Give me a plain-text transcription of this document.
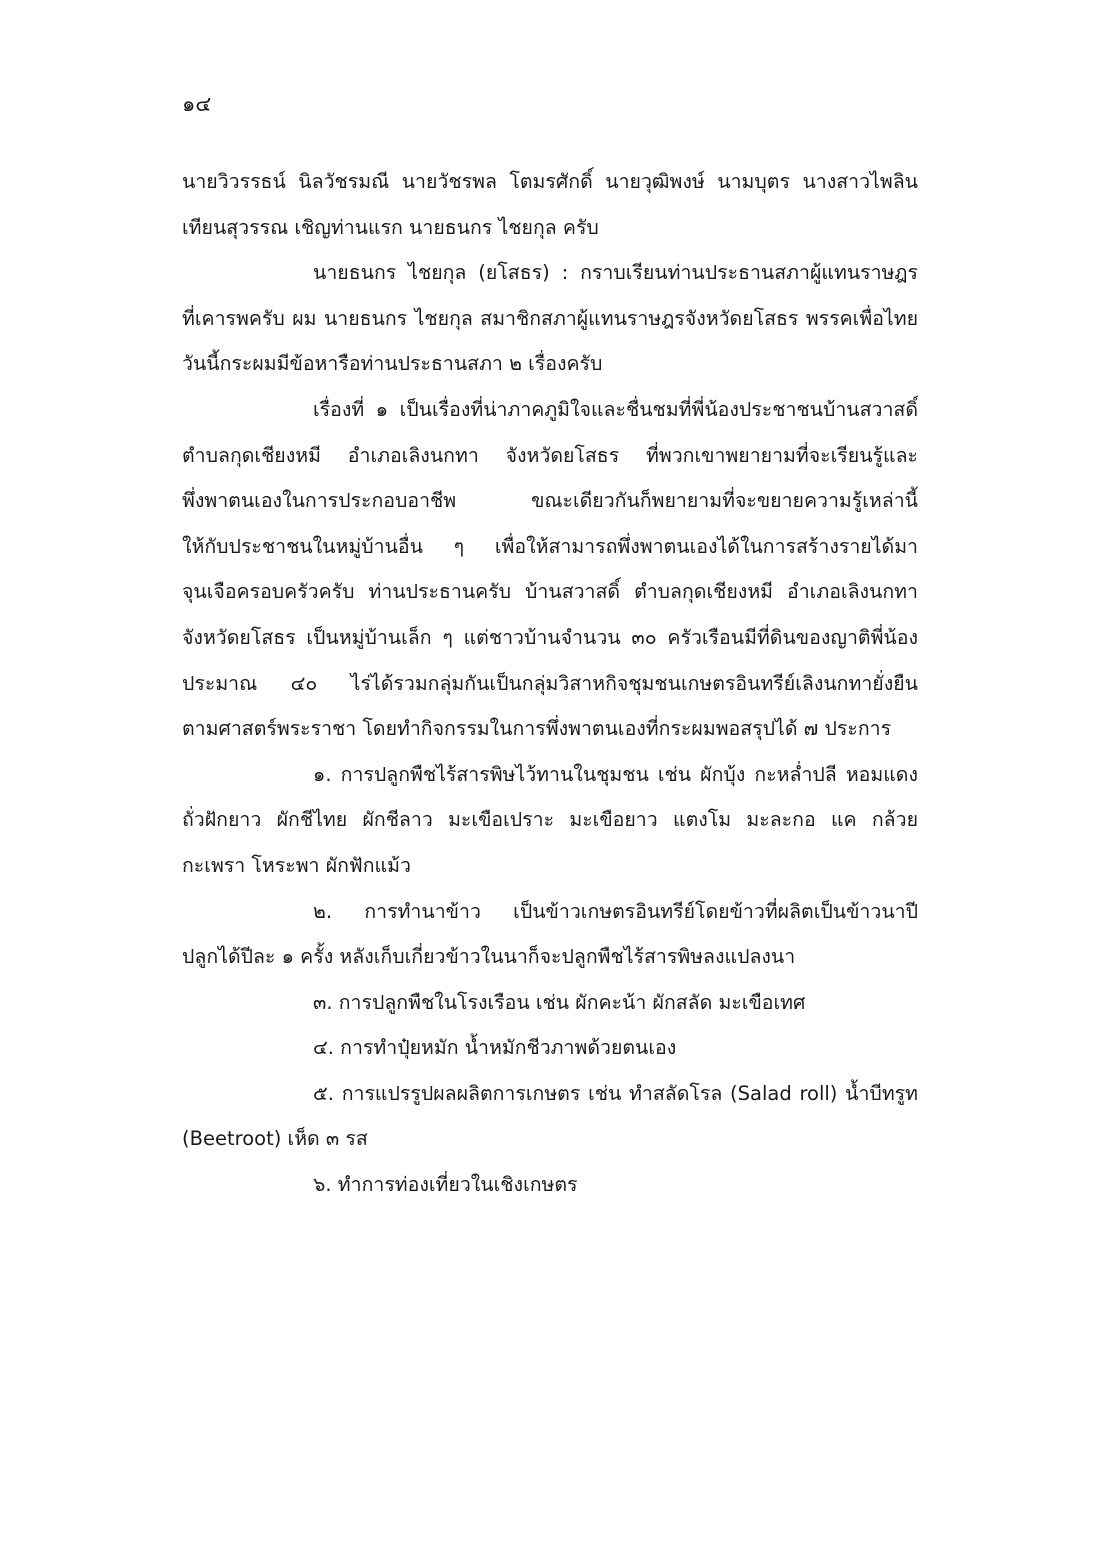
๑๔
นายวิวรรธน์ นิลวัชรมณี นายวัชรพล โตมรศักดิ์ นายวุฒิพงษ์ นามบุตร นางสาวไพลิน
เทียนสุวรรณ เชิญท่านแรก นายธนกร ไชยกุล ครับ
นายธนกร ไชยกุล (ยโสธร) : กราบเรียนท่านประธานสภาผู้แทนราษฎร
ที่เคารพครับ ผม นายธนกร ไชยกุล สมาชิกสภาผู้แทนราษฎรจังหวัดยโสธร พรรคเพื่อไทย
วันนี้กระผมมีข้อหารือท่านประธานสภา ๒ เรื่องครับ
เรื่องที่ ๑ เป็นเรื่องที่น่าภาคภูมิใจและชื่นชมที่พี่น้องประชาชนบ้านสวาสดิ์
ตำบลกุดเชียงหมี อำเภอเลิงนกทา จังหวัดยโสธร ที่พวกเขาพยายามที่จะเรียนรู้และ
พึ่งพาตนเองในการประกอบอาชีพ ขณะเดียวกันก็พยายามที่จะขยายความรู้เหล่านี้
ให้กับประชาชนในหมู่บ้านอื่น ๆ เพื่อให้สามารถพึ่งพาตนเองได้ในการสร้างรายได้มา
จุนเจือครอบครัวครับ ท่านประธานครับ บ้านสวาสดิ์ ตำบลกุดเชียงหมี อำเภอเลิงนกทา
จังหวัดยโสธร เป็นหมู่บ้านเล็ก ๆ แต่ชาวบ้านจำนวน ๓๐ ครัวเรือนมีที่ดินของญาติพี่น้อง
ประมาณ ๔๐ ไร่ได้รวมกลุ่มกันเป็นกลุ่มวิสาหกิจชุมชนเกษตรอินทรีย์เลิงนกทายั่งยืน
ตามศาสตร์พระราชา โดยทำกิจกรรมในการพึ่งพาตนเองที่กระผมพอสรุปได้ ๗ ประการ
๑. การปลูกพืชไร้สารพิษไว้ทานในชุมชน เช่น ผักบุ้ง กะหล่ำปลี หอมแดง
ถั่วฝักยาว ผักชีไทย ผักชีลาว มะเขือเปราะ มะเขือยาว แตงโม มะละกอ แค กล้วย
กะเพรา โหระพา ผักฟักแม้ว
๒. การทำนาข้าว เป็นข้าวเกษตรอินทรีย์โดยข้าวที่ผลิตเป็นข้าวนาปี
ปลูกได้ปีละ ๑ ครั้ง หลังเก็บเกี่ยวข้าวในนาก็จะปลูกพืชไร้สารพิษลงแปลงนา
๓. การปลูกพืชในโรงเรือน เช่น ผักคะน้า ผักสลัด มะเขือเทศ
๔. การทำปุ๋ยหมัก น้ำหมักชีวภาพด้วยตนเอง
๕. การแปรรูปผลผลิตการเกษตร เช่น ทำสลัดโรล (Salad roll) น้ำบีทรูท
(Beetroot) เห็ด ๓ รส
๖. ทำการท่องเที่ยวในเชิงเกษตร
